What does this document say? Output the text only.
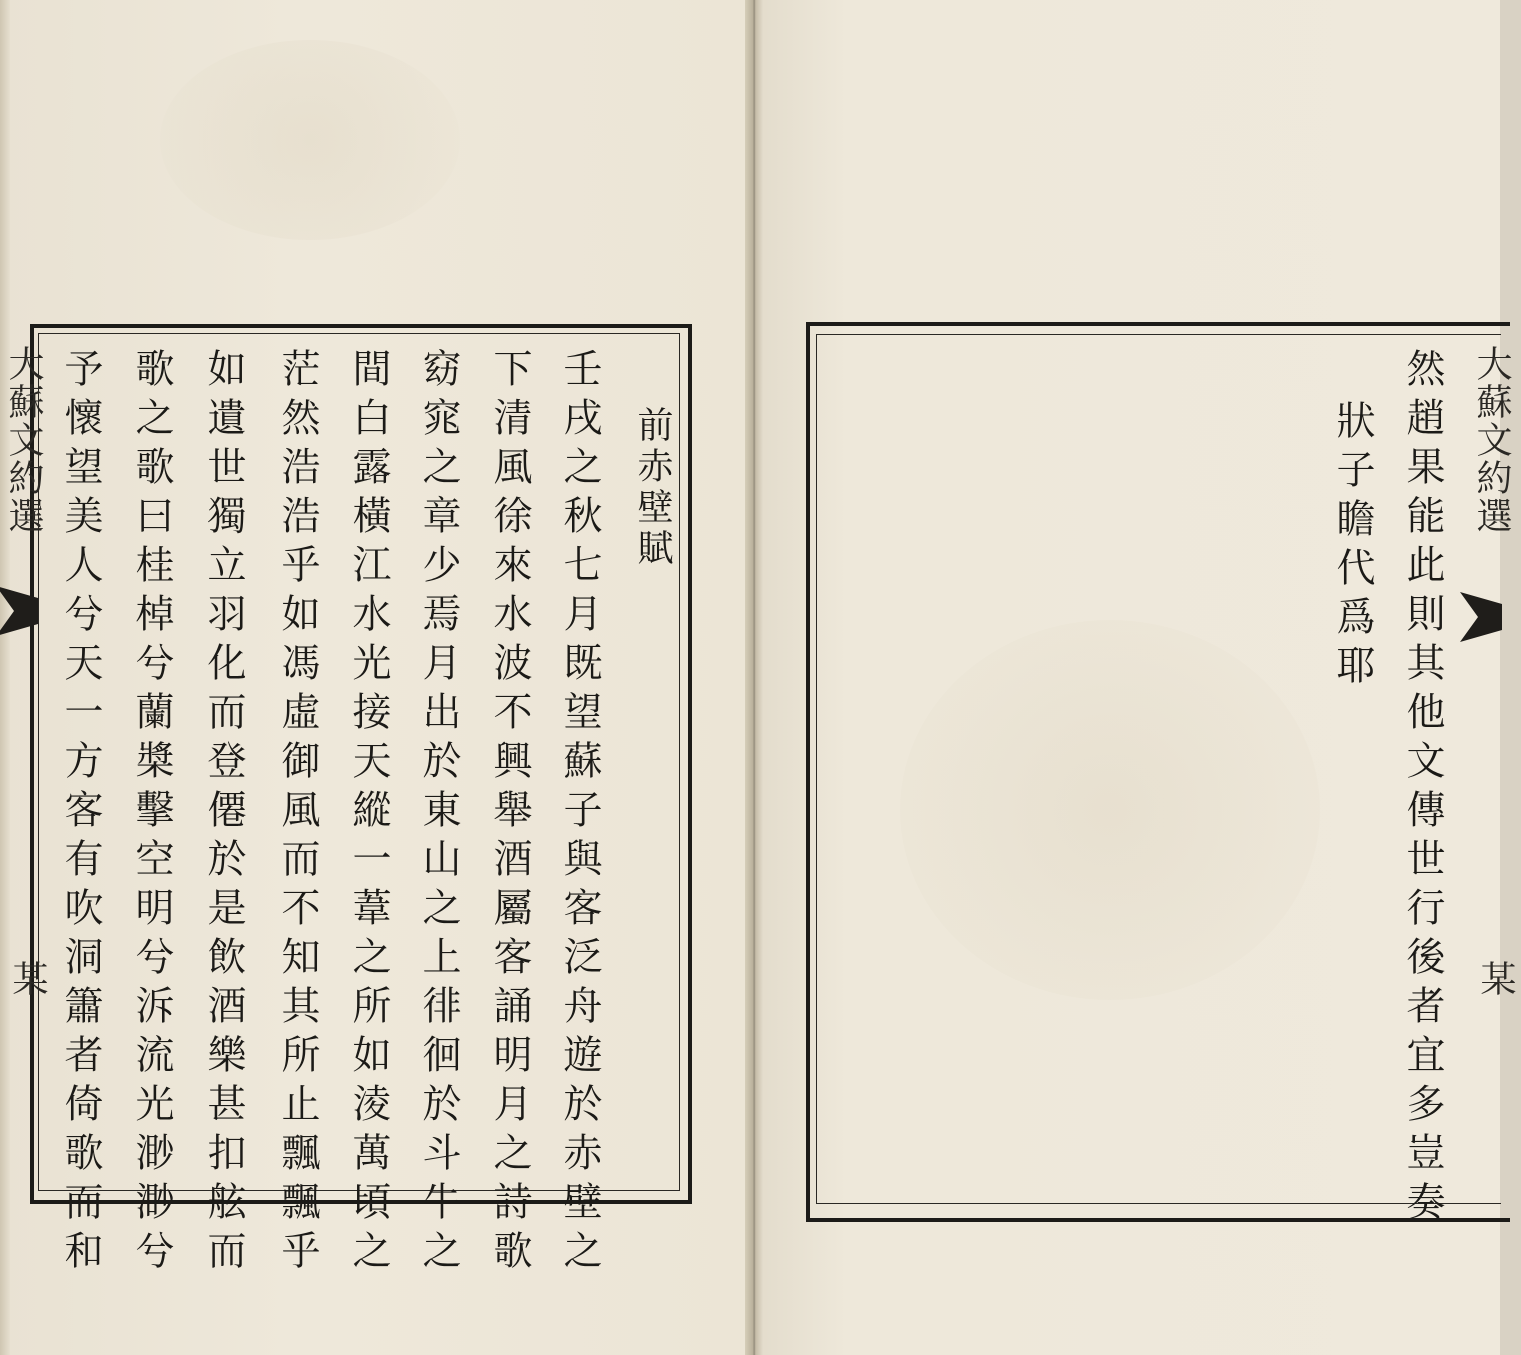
大蘇文約選
某
前赤壁賦
壬戌之秋七月既望蘇子與客泛舟遊於赤壁之
下清風徐來水波不興舉酒屬客誦明月之詩歌
窈窕之章少焉月出於東山之上徘徊於斗牛之
間白露橫江水光接天縱一葦之所如淩萬頃之
茫然浩浩乎如馮虛御風而不知其所止飄飄乎
如遺世獨立羽化而登僊於是飲酒樂甚扣舷而
歌之歌曰桂棹兮蘭槳擊空明兮泝流光渺渺兮
予懷望美人兮天一方客有吹洞簫者倚歌而和	大蘇文約選
某
然趙果能此則其他文傳世行後者宜多豈奏
狀子瞻代爲耶
